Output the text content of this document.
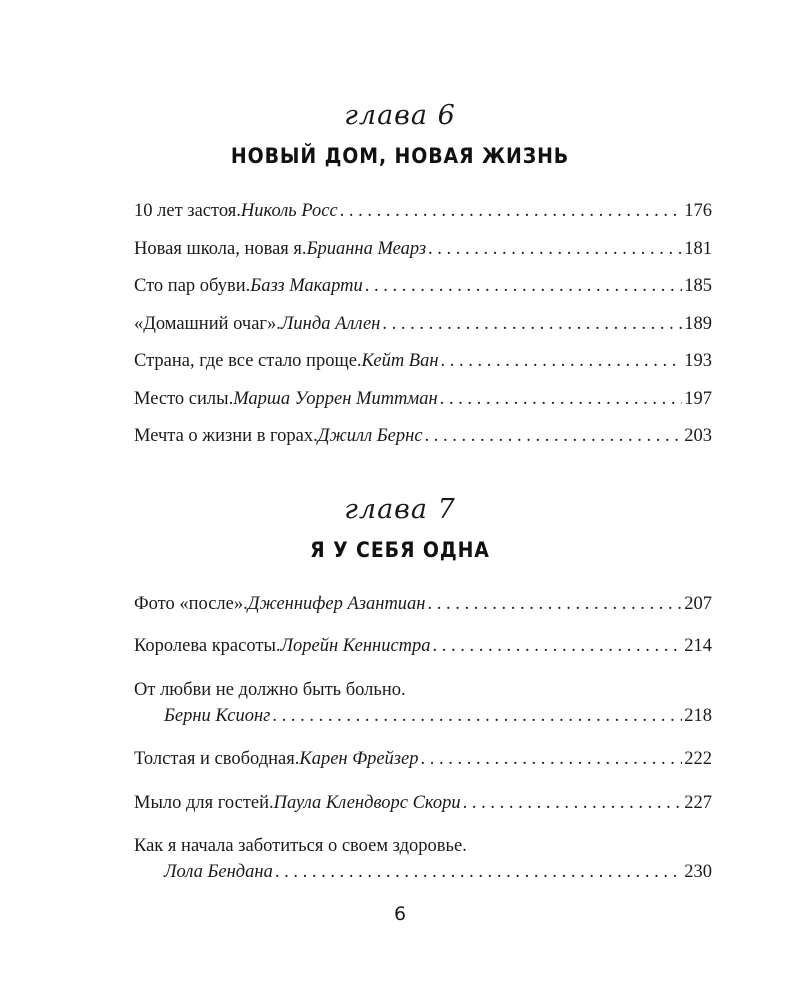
глава 6
НОВЫЙ ДОМ, НОВАЯ ЖИЗНЬ
10 лет застоя. Николь Росс . . .	176
Новая школа, новая я. Брианна Меарз . . .	181
Сто пар обуви. Базз Макарти . . .	185
«Домашний очаг». Линда Аллен . . .	189
Страна, где все стало проще. Кейт Ван . . .	193
Место силы. Марша Уоррен Миттман . . .	197
Мечта о жизни в горах. Джилл Бернс . . .	203
глава 7
Я У СЕБЯ ОДНА
Фото «после». Дженнифер Азантиан . . .	207
Королева красоты. Лорейн Кеннистра . . .	214
От любви не должно быть больно.
Берни Ксионг . . .	218
Толстая и свободная. Карен Фрейзер . . .	222
Мыло для гостей. Паула Клендворс Скори . . .	227
Как я начала заботиться о своем здоровье.
Лола Бендана . . .	230
6
